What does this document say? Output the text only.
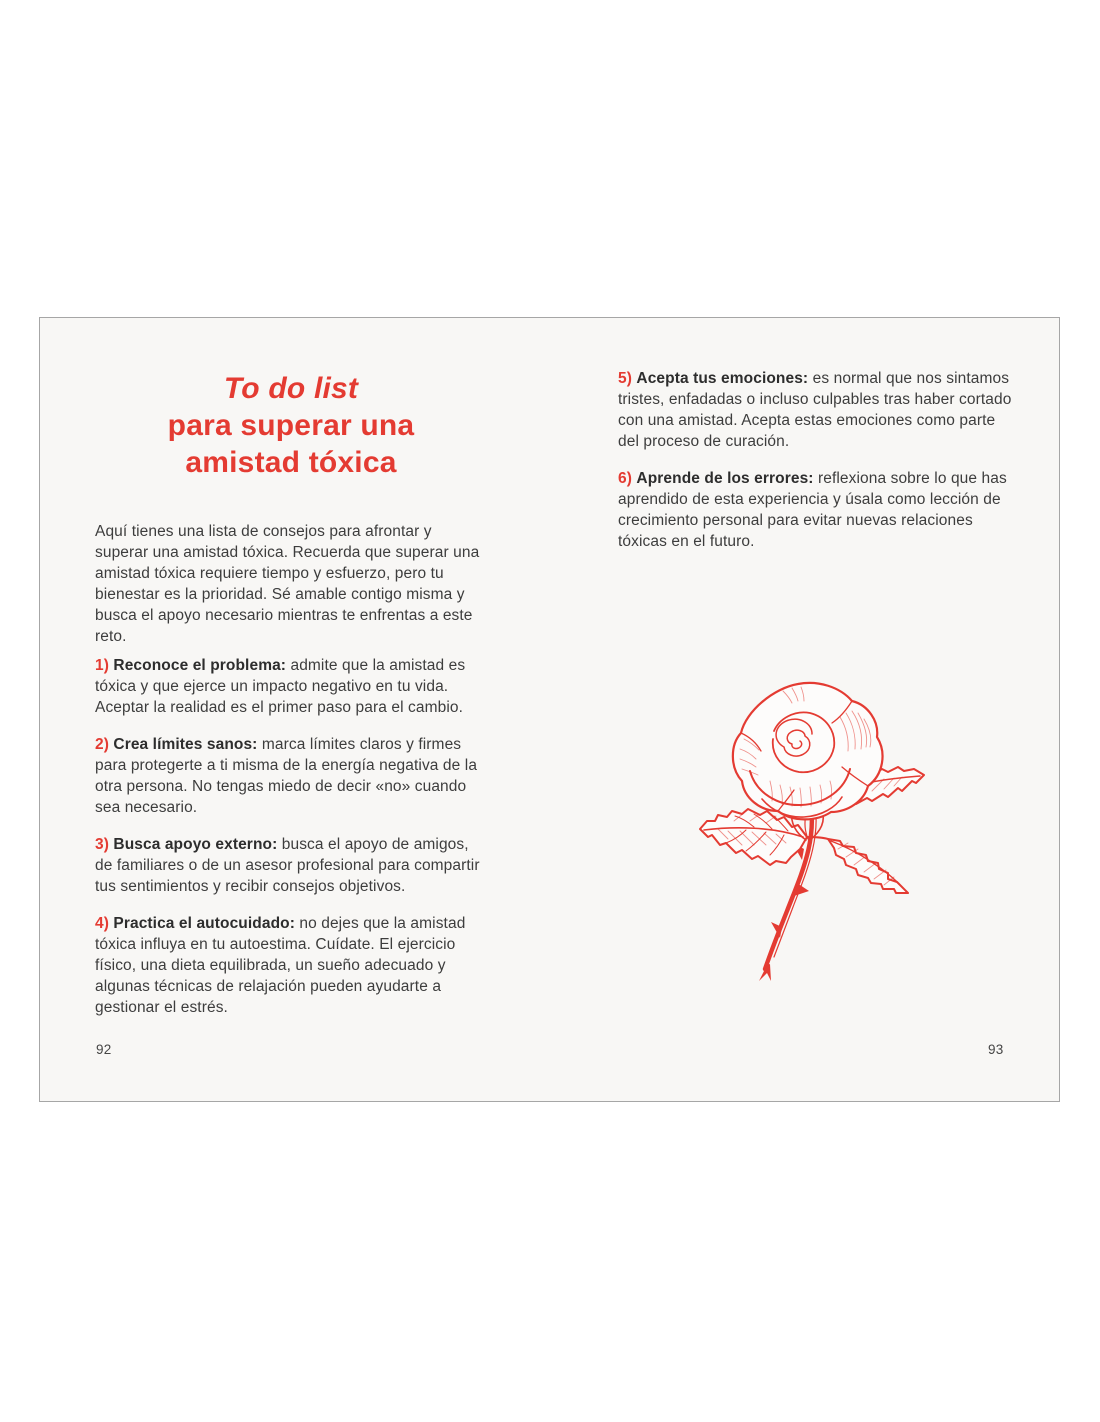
To do list
para superar una
amistad tóxica

Aquí tienes una lista de consejos para afrontar y superar una amistad tóxica. Recuerda que superar una amistad tóxica requiere tiempo y esfuerzo, pero tu bienestar es la prioridad. Sé amable contigo misma y busca el apoyo necesario mientras te enfrentas a este reto.

1) Reconoce el problema: admite que la amistad es tóxica y que ejerce un impacto negativo en tu vida. Aceptar la realidad es el primer paso para el cambio.

2) Crea límites sanos: marca límites claros y firmes para protegerte a ti misma de la energía negativa de la otra persona. No tengas miedo de decir «no» cuando sea necesario.

3) Busca apoyo externo: busca el apoyo de amigos, de familiares o de un asesor profesional para compartir tus sentimientos y recibir consejos objetivos.

4) Practica el autocuidado: no dejes que la amistad tóxica influya en tu autoestima. Cuídate. El ejercicio físico, una dieta equilibrada, un sueño adecuado y algunas técnicas de relajación pueden ayudarte a gestionar el estrés.

5) Acepta tus emociones: es normal que nos sintamos tristes, enfadadas o incluso culpables tras haber cortado con una amistad. Acepta estas emociones como parte del proceso de curación.

6) Aprende de los errores: reflexiona sobre lo que has aprendido de esta experiencia y úsala como lección de crecimiento personal para evitar nuevas relaciones tóxicas en el futuro.

92	93
